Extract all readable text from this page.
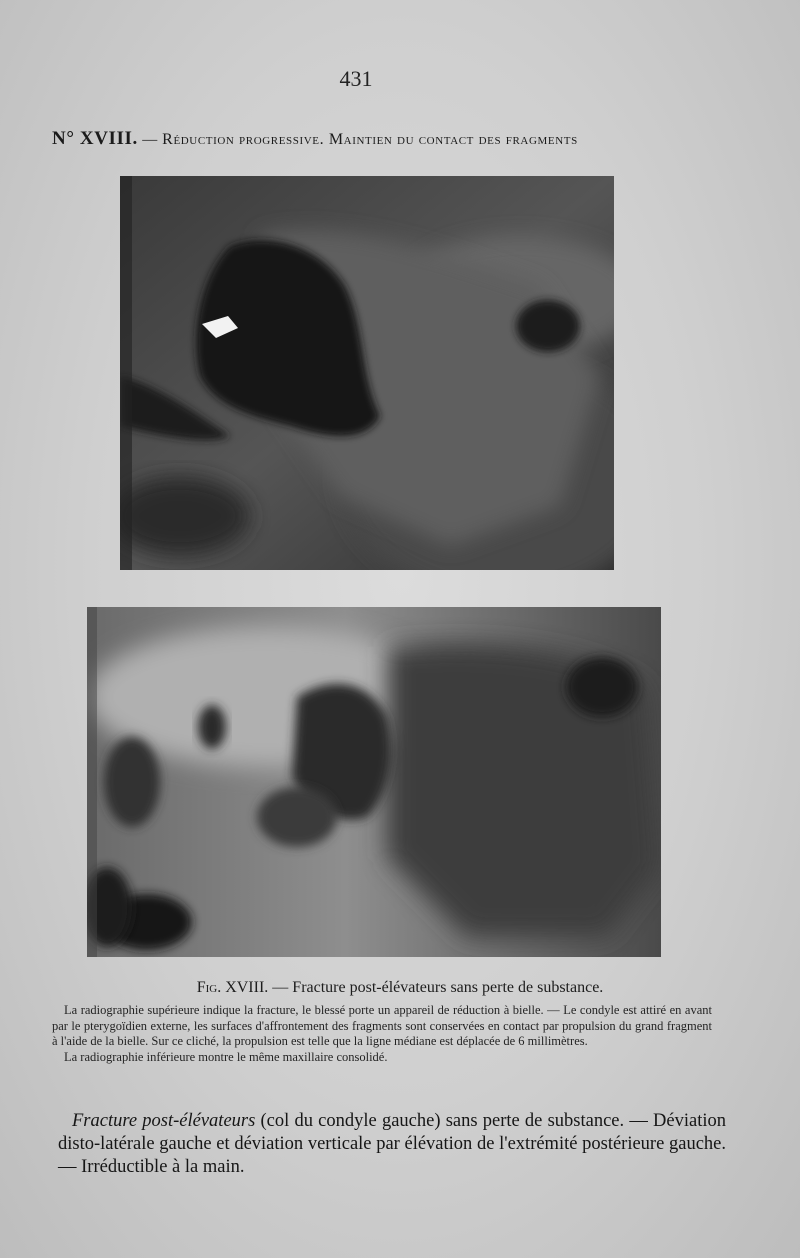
431
N° XVIII. — Réduction progressive. Maintien du contact des fragments
Fig. XVIII. — Fracture post-élévateurs sans perte de substance.

La radiographie supérieure indique la fracture, le blessé porte un appareil de réduction à bielle. — Le condyle est attiré en avant par le pterygoïdien externe, les surfaces d'affrontement des fragments sont conservées en contact par propulsion du grand fragment à l'aide de la bielle. Sur ce cliché, la propulsion est telle que la ligne médiane est déplacée de 6 millimètres.

La radiographie inférieure montre le même maxillaire consolidé.

Fracture post-élévateurs (col du condyle gauche) sans perte de substance. — Déviation disto-latérale gauche et déviation verticale par élévation de l'extrémité postérieure gauche. — Irréductible à la main.
